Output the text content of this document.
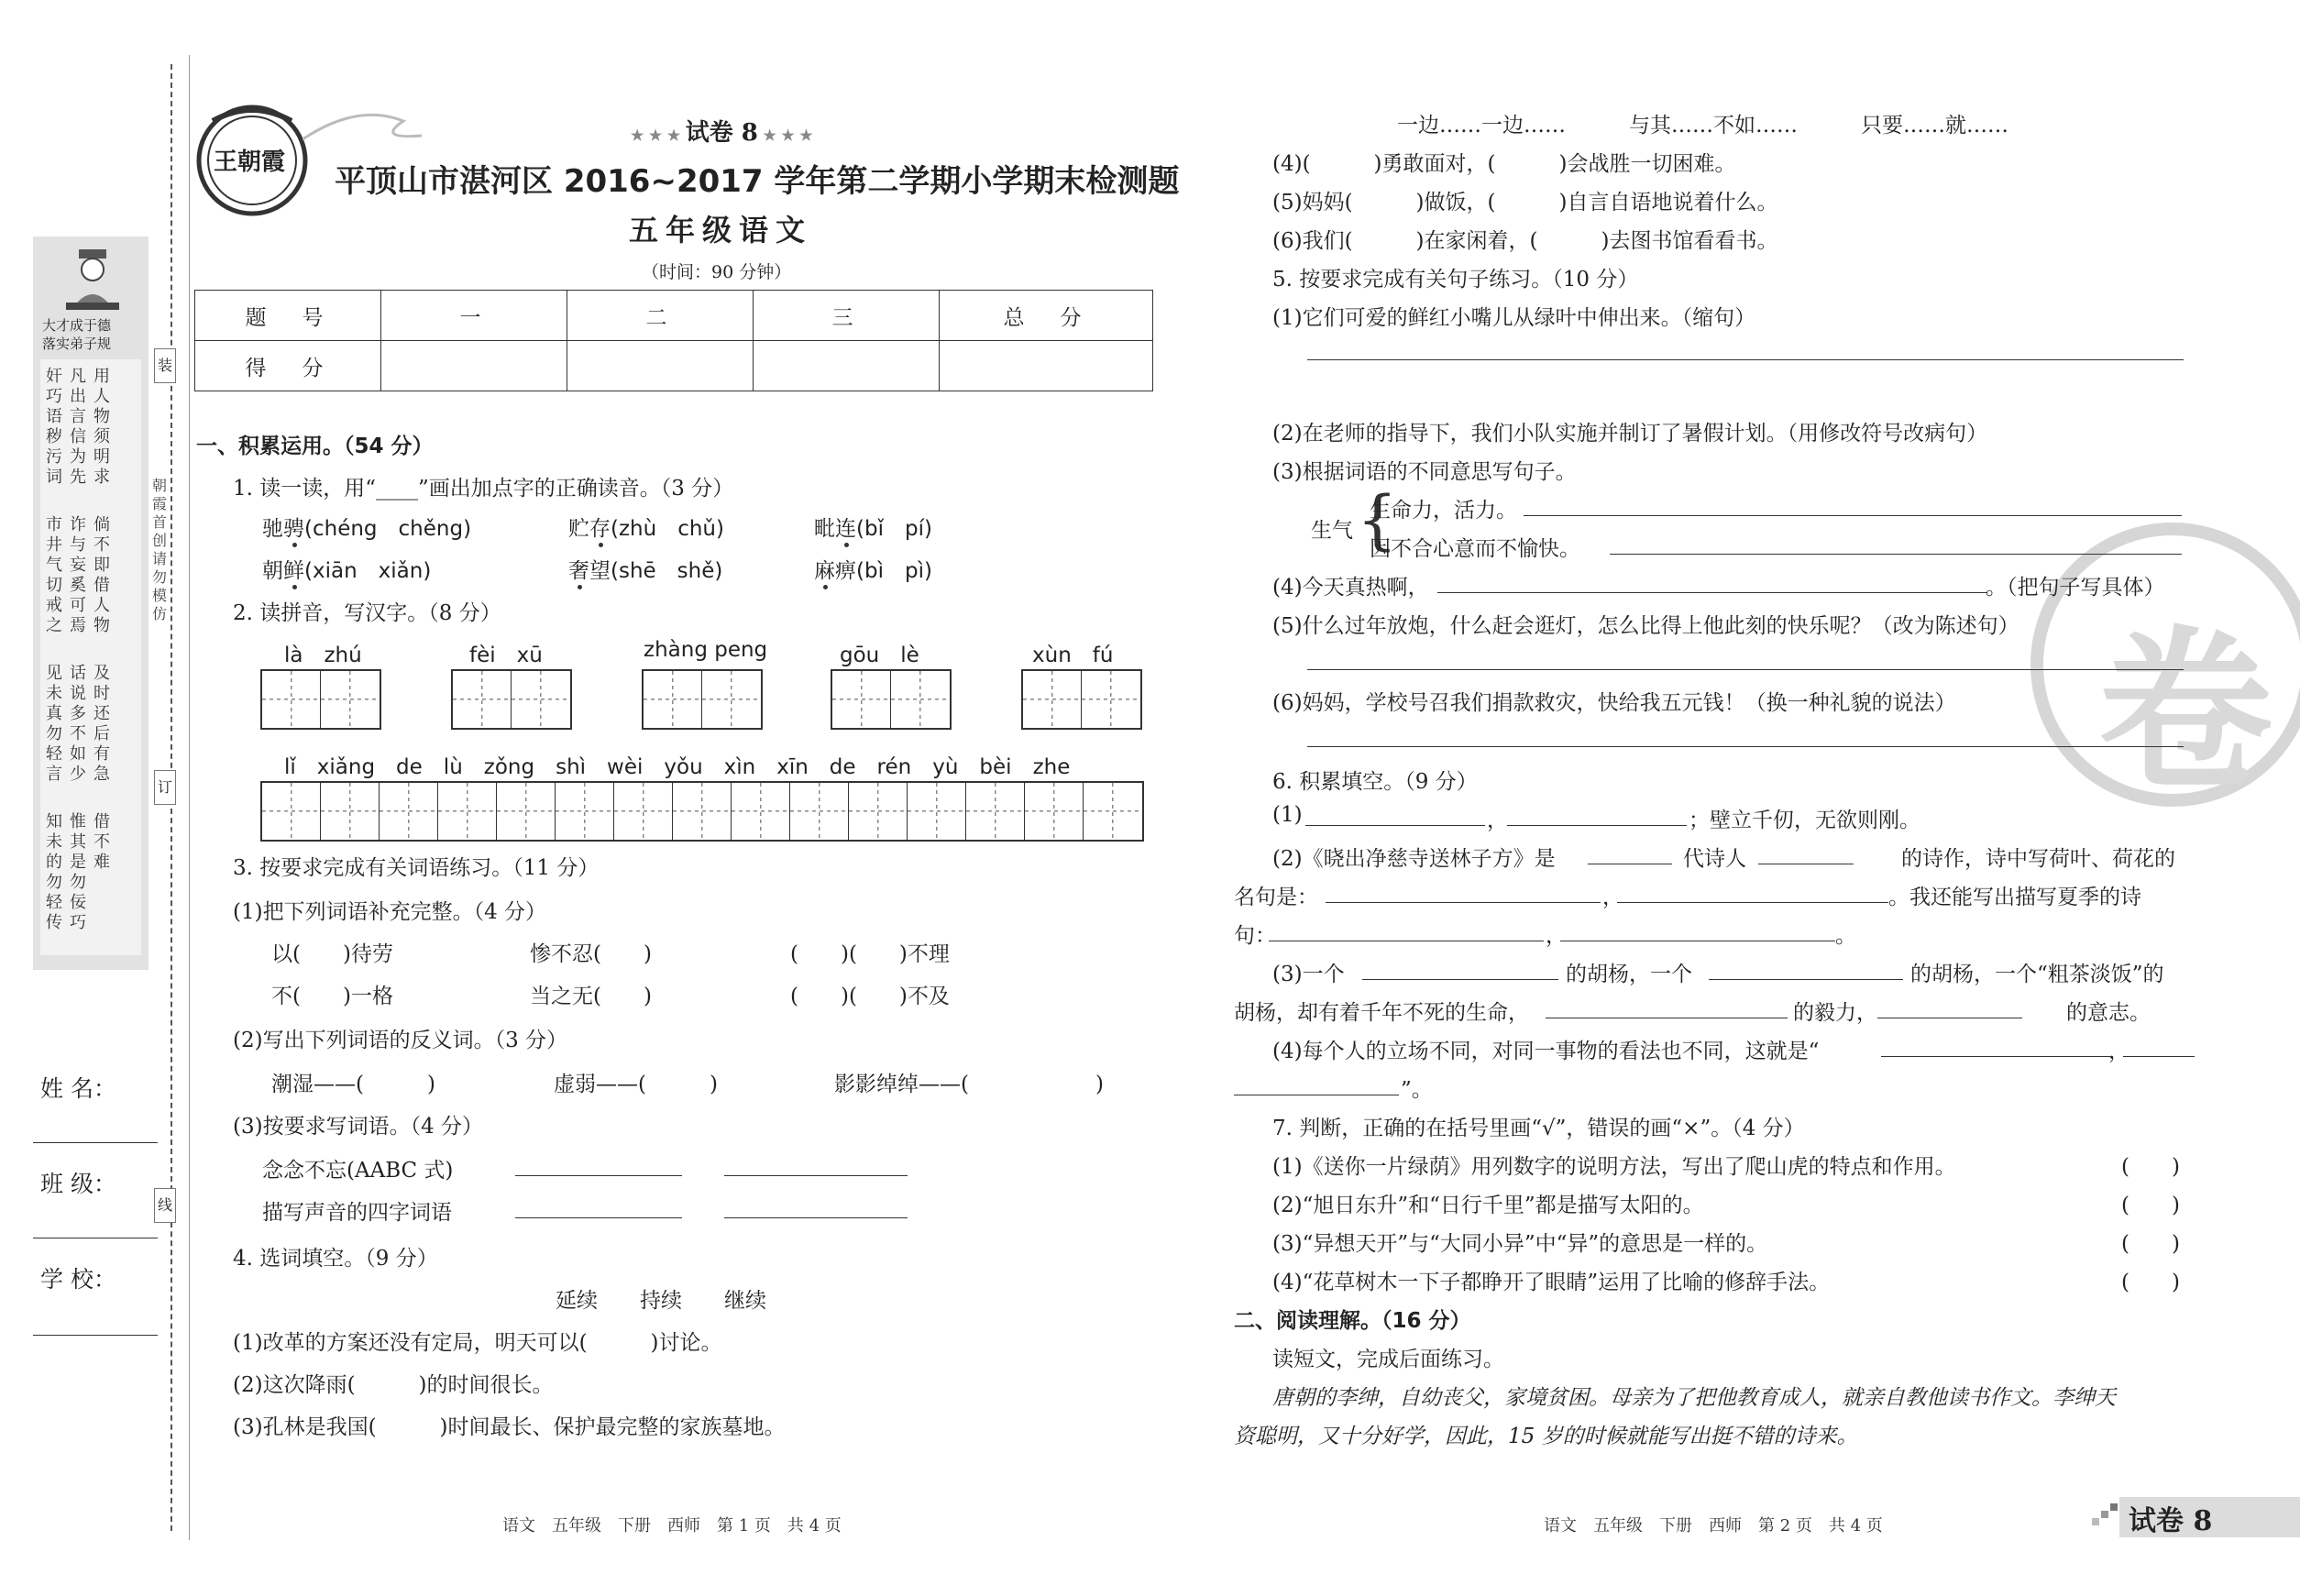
大才成于德
落实弟子规
奸巧语秽污词
凡出言信为先
用人物须明求
市井气切戒之
诈与妄奚可焉
倘不即借人物
见未真勿轻言
话说多不如少
及时还后有急
知未的勿轻传
惟其是勿佞巧
借不难
姓 名：
班 级：
学 校：
装
订
线
朝霞首创 请勿模仿
王朝霞
★ ★ ★ 试卷 8 ★ ★ ★
平顶山市湛河区 2016~2017 学年第二学期小学期末检测题
五年级语文
（时间：90 分钟）
题　号	一	二	三	总　分
得　分				
一、积累运用。（54 分）
1. 读一读，用“____”画出加点字的正确读音。（3 分）
驰骋(chéng　chěng)	贮存(zhù　chǔ)	毗连(bǐ　pí)
朝鲜(xiān　xiǎn)	奢望(shē　shě)	麻痹(bì　pì)
2. 读拼音，写汉字。（8 分）
là　zhú	fèi　xū	zhàng peng	gōu　lè	xùn　fú
lǐ　xiǎng　de　lù　zǒng　shì　wèi　yǒu　xìn　xīn　de　rén　yù　bèi　zhe
3. 按要求完成有关词语练习。（11 分）
(1)把下列词语补充完整。（4 分）
以(　　)待劳	惨不忍(　　)	(　　)(　　)不理
不(　　)一格	当之无(　　)	(　　)(　　)不及
(2)写出下列词语的反义词。（3 分）
潮湿——(　　　)	虚弱——(　　　)	影影绰绰——(　　　　　　)
(3)按要求写词语。（4 分）
念念不忘(AABC 式)
描写声音的四字词语
4. 选词填空。（9 分）
延续　　持续　　继续
(1)改革的方案还没有定局，明天可以(　　　)讨论。
(2)这次降雨(　　　)的时间很长。
(3)孔林是我国(　　　)时间最长、保护最完整的家族墓地。
语文　五年级　下册　西师　第 1 页　共 4 页
卷
一边……一边……　　　与其……不如……　　　只要……就……
(4)(　　　)勇敢面对，(　　　)会战胜一切困难。
(5)妈妈(　　　)做饭，(　　　)自言自语地说着什么。
(6)我们(　　　)在家闲着，(　　　)去图书馆看看书。
5. 按要求完成有关句子练习。（10 分）
(1)它们可爱的鲜红小嘴儿从绿叶中伸出来。（缩句）
(2)在老师的指导下，我们小队实施并制订了暑假计划。（用修改符号改病句）
(3)根据词语的不同意思写句子。
生气 {
生命力，活力。
因不合心意而不愉快。
(4)今天真热啊，	。（把句子写具体）
(5)什么过年放炮，什么赶会逛灯，怎么比得上他此刻的快乐呢？（改为陈述句）
(6)妈妈，学校号召我们捐款救灾，快给我五元钱！（换一种礼貌的说法）
6. 积累填空。（9 分）
(1)	，	；壁立千仞，无欲则刚。
(2)《晓出净慈寺送林子方》是	代诗人	的诗作，诗中写荷叶、荷花的
名句是：	，	。我还能写出描写夏季的诗
句：	，	。
(3)一个	的胡杨，一个	的胡杨，一个“粗茶淡饭”的
胡杨，却有着千年不死的生命，	的毅力，	的意志。
(4)每个人的立场不同，对同一事物的看法也不同，这就是“	，
”。
7. 判断，正确的在括号里画“√”，错误的画“×”。（4 分）
(1)《送你一片绿荫》用列数字的说明方法，写出了爬山虎的特点和作用。	(　　)
(2)“旭日东升”和“日行千里”都是描写太阳的。	(　　)
(3)“异想天开”与“大同小异”中“异”的意思是一样的。	(　　)
(4)“花草树木一下子都睁开了眼睛”运用了比喻的修辞手法。	(　　)
二、阅读理解。（16 分）
读短文，完成后面练习。
唐朝的李绅，自幼丧父，家境贫困。母亲为了把他教育成人，就亲自教他读书作文。李绅天
资聪明，又十分好学，因此，15 岁的时候就能写出挺不错的诗来。
语文　五年级　下册　西师　第 2 页　共 4 页	试卷 8
